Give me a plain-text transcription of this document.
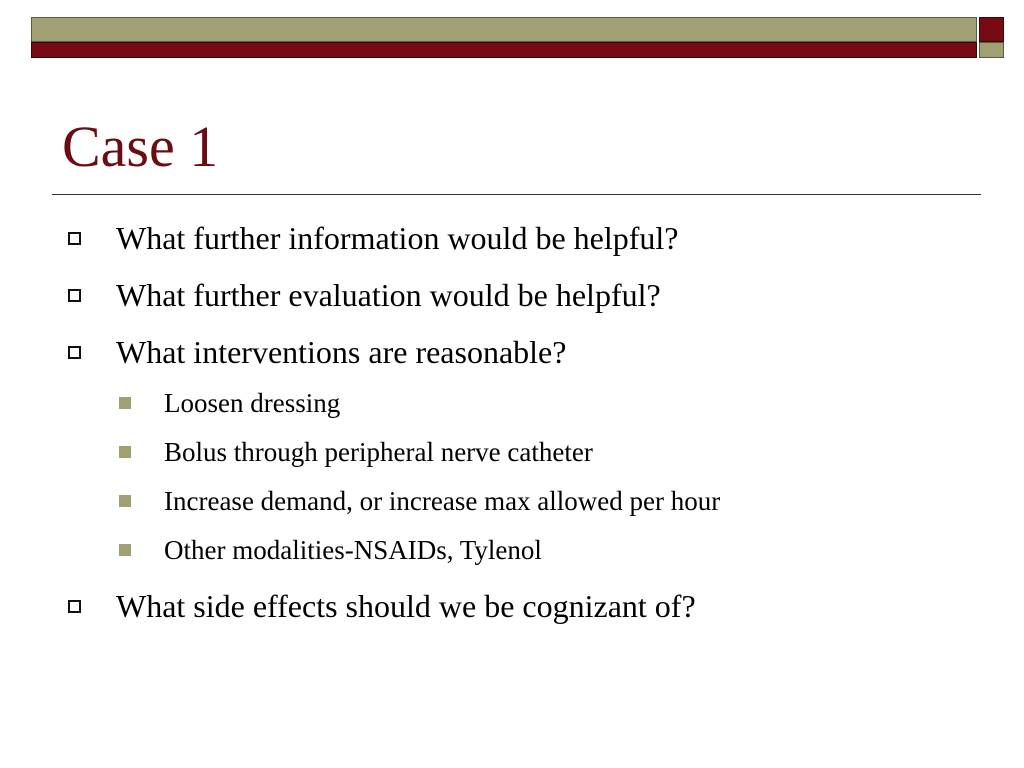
Case 1
What further information would be helpful?
What further evaluation would be helpful?
What interventions are reasonable?
Loosen dressing
Bolus through peripheral nerve catheter
Increase demand, or increase max allowed per hour
Other modalities-NSAIDs, Tylenol
What side effects should we be cognizant of?
